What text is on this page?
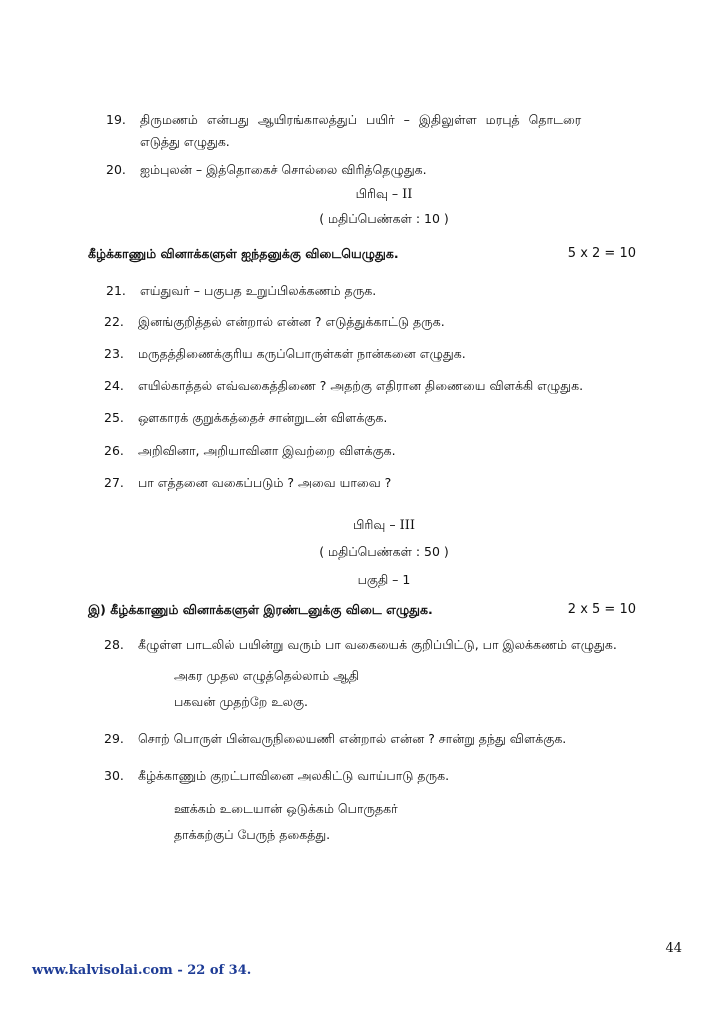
19.	திருமணம் என்பது ஆயிரங்காலத்துப் பயிர் – இதிலுள்ள மரபுத் தொடரை
எடுத்து எழுதுக.
20.	ஐம்புலன் – இத்தொகைச் சொல்லை விரித்தெழுதுக.
பிரிவு – II
( மதிப்பெண்கள் : 10 )
கீழ்க்காணும் வினாக்களுள் ஐந்தனுக்கு விடையெழுதுக.	5 x 2 = 10
21.	எய்துவர் – பகுபத உறுப்பிலக்கணம் தருக.
22.	இனங்குறித்தல் என்றால் என்ன ? எடுத்துக்காட்டு தருக.
23.	மருதத்திணைக்குரிய கருப்பொருள்கள் நான்கனை எழுதுக.
24.	எயில்காத்தல் எவ்வகைத்திணை ? அதற்கு எதிரான திணையை விளக்கி எழுதுக.
25.	ஔகாரக் குறுக்கத்தைச் சான்றுடன் விளக்குக.
26.	அறிவினா, அறியாவினா இவற்றை விளக்குக.
27.	பா எத்தனை வகைப்படும் ? அவை யாவை ?
பிரிவு – III
( மதிப்பெண்கள் : 50 )
பகுதி – 1
இ) கீழ்க்காணும் வினாக்களுள் இரண்டனுக்கு விடை எழுதுக.	2 x 5 = 10
28.	கீழுள்ள பாடலில் பயின்று வரும் பா வகையைக் குறிப்பிட்டு, பா இலக்கணம் எழுதுக.
அகர முதல எழுத்தெல்லாம் ஆதி
பகவன் முதற்றே உலகு.
29.	சொற் பொருள் பின்வருநிலையணி என்றால் என்ன ? சான்று தந்து விளக்குக.
30.	கீழ்க்காணும் குறட்பாவினை அலகிட்டு வாய்பாடு தருக.
ஊக்கம் உடையான் ஒடுக்கம் பொருதகர்
தாக்கற்குப் பேருந் தகைத்து.
44
www.kalvisolai.com - 22 of 34.
